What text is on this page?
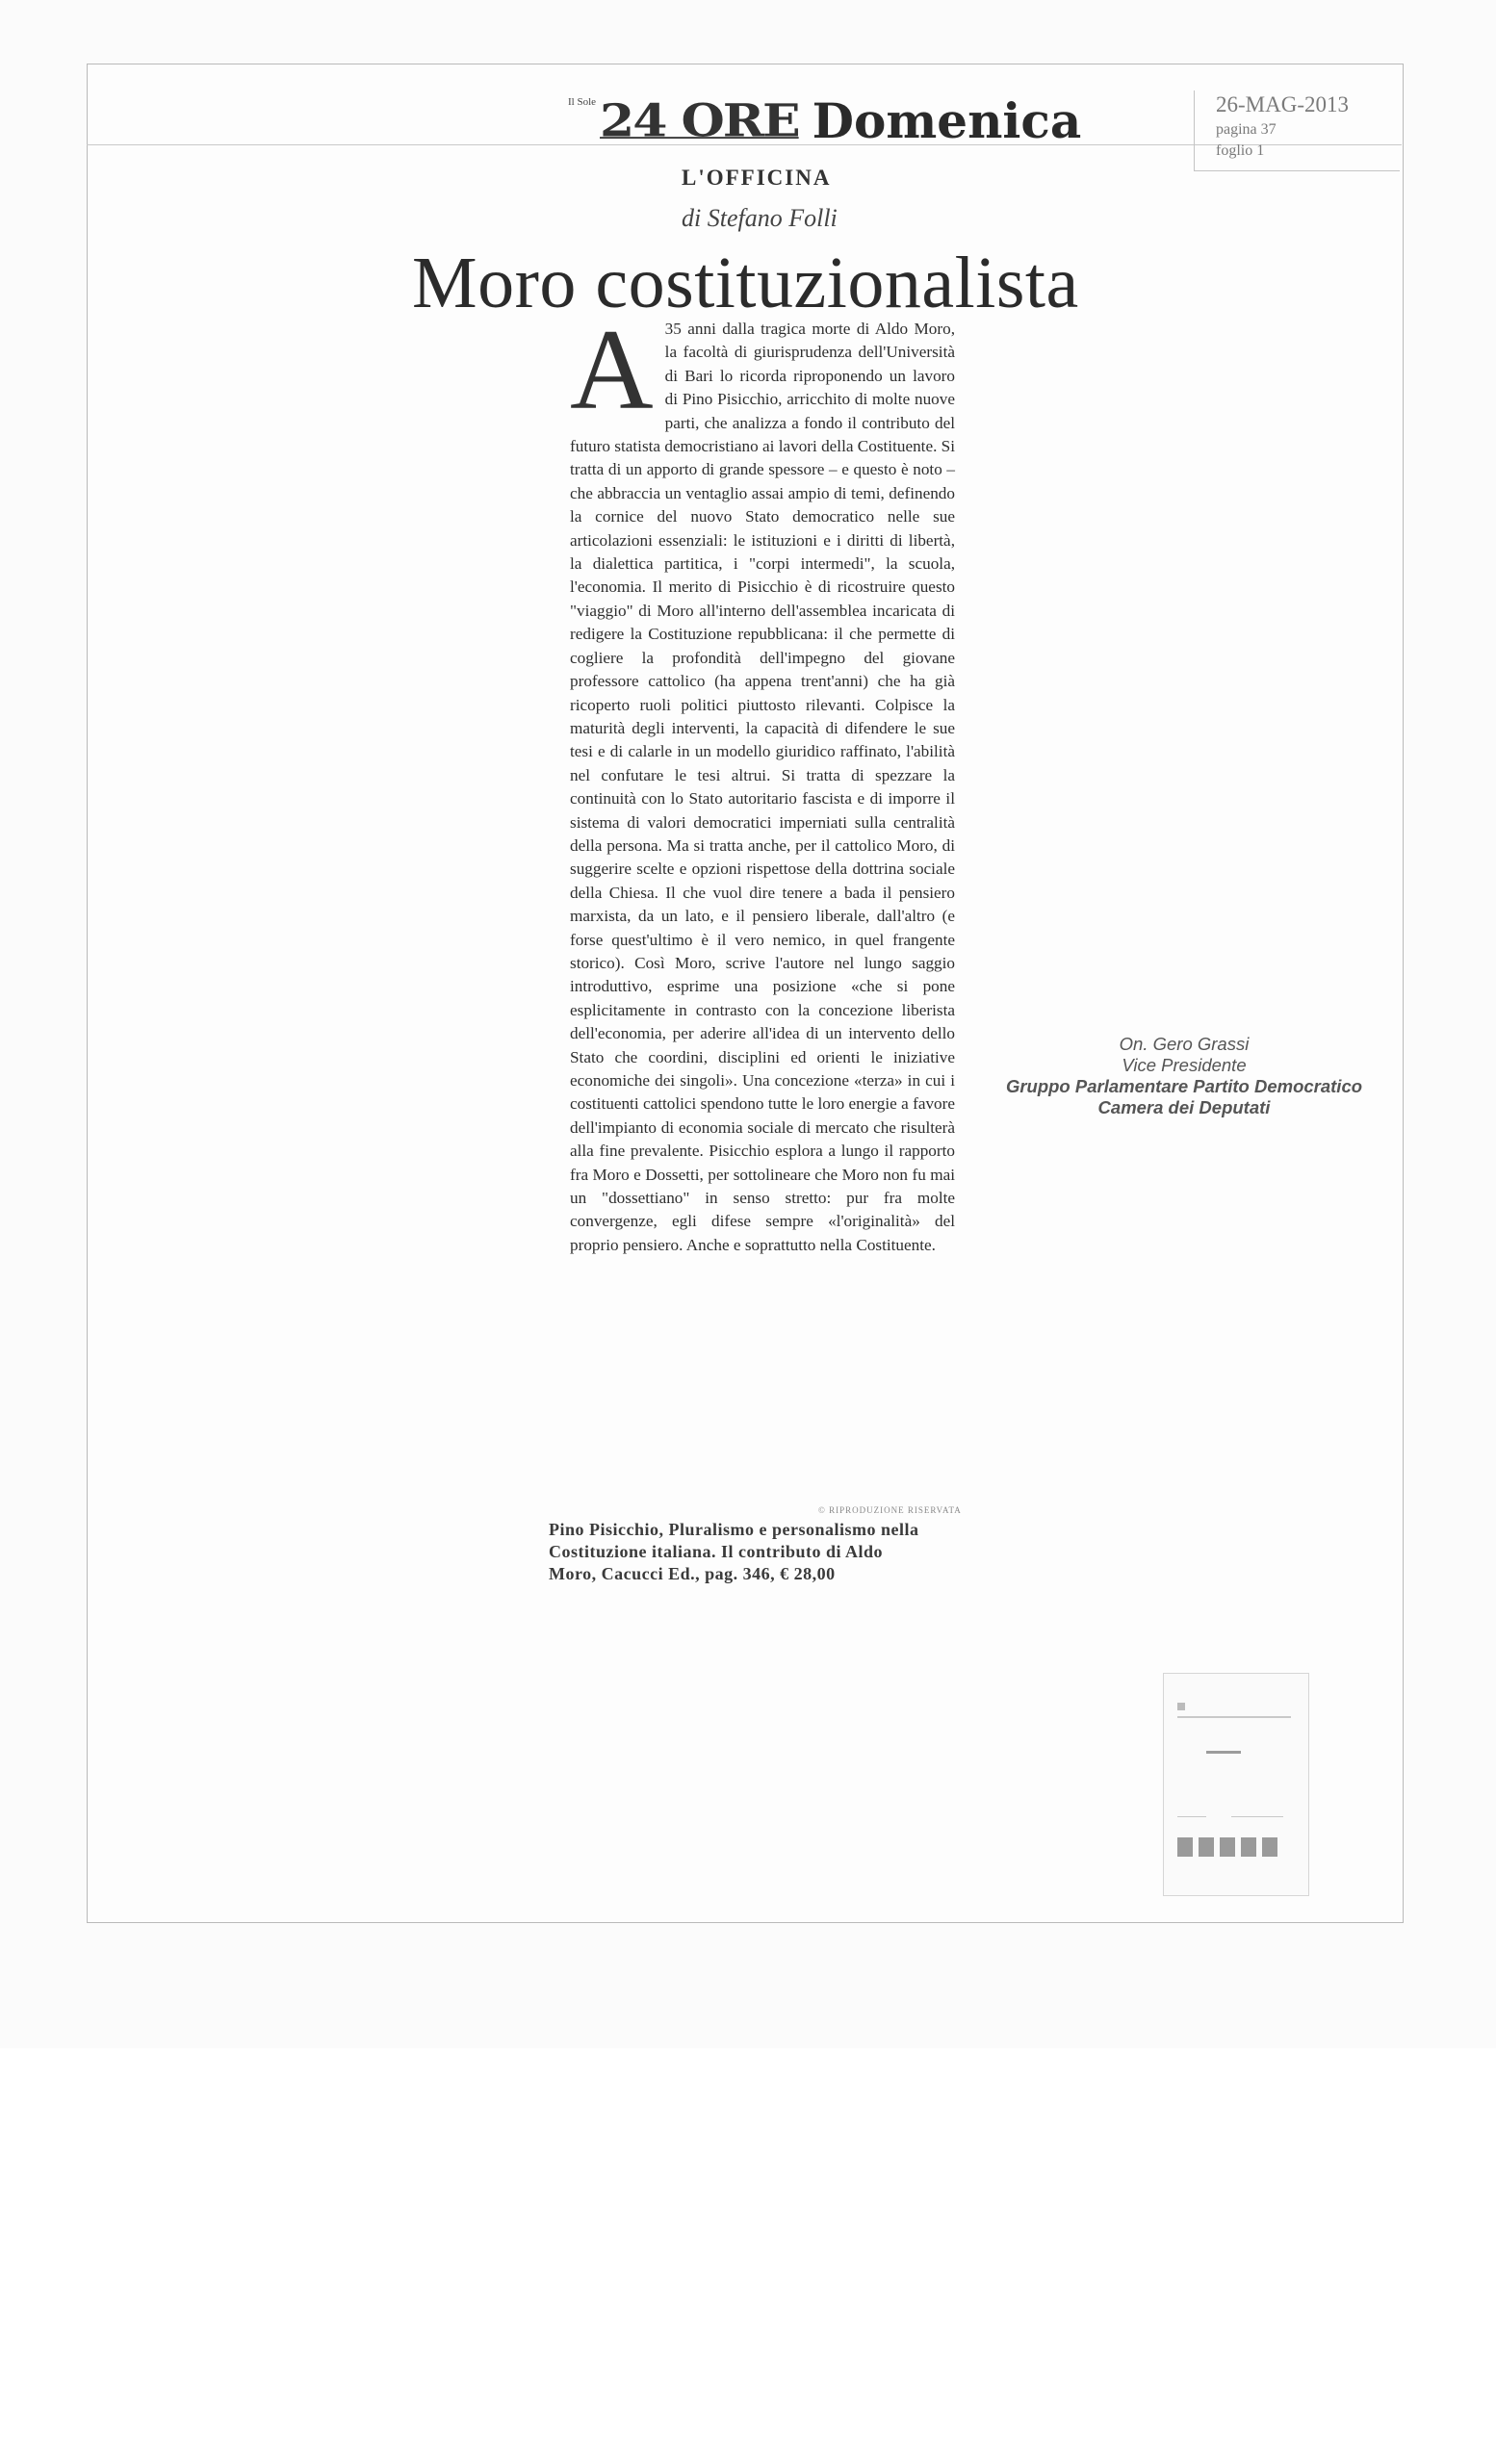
Il Sole 24 ORE Domenica	26-MAG-2013
pagina 37
foglio 1
L'OFFICINA
di Stefano Folli
Moro costituzionalista
A 35 anni dalla tragica morte di Aldo Moro, la facoltà di giurisprudenza dell'Università di Bari lo ricorda riproponendo un lavoro di Pino Pisicchio, arricchito di molte nuove parti, che analizza a fondo il contributo del futuro statista democristiano ai lavori della Costituente. Si tratta di un apporto di grande spessore – e questo è noto – che abbraccia un ventaglio assai ampio di temi, definendo la cornice del nuovo Stato democratico nelle sue articolazioni essenziali: le istituzioni e i diritti di libertà, la dialettica partitica, i "corpi intermedi", la scuola, l'economia. Il merito di Pisicchio è di ricostruire questo "viaggio" di Moro all'interno dell'assemblea incaricata di redigere la Costituzione repubblicana: il che permette di cogliere la profondità dell'impegno del giovane professore cattolico (ha appena trent'anni) che ha già ricoperto ruoli politici piuttosto rilevanti. Colpisce la maturità degli interventi, la capacità di difendere le sue tesi e di calarle in un modello giuridico raffinato, l'abilità nel confutare le tesi altrui. Si tratta di spezzare la continuità con lo Stato autoritario fascista e di imporre il sistema di valori democratici imperniati sulla centralità della persona. Ma si tratta anche, per il cattolico Moro, di suggerire scelte e opzioni rispettose della dottrina sociale della Chiesa. Il che vuol dire tenere a bada il pensiero marxista, da un lato, e il pensiero liberale, dall'altro (e forse quest'ultimo è il vero nemico, in quel frangente storico). Così Moro, scrive l'autore nel lungo saggio introduttivo, esprime una posizione «che si pone esplicitamente in contrasto con la concezione liberista dell'economia, per aderire all'idea di un intervento dello Stato che coordini, disciplini ed orienti le iniziative economiche dei singoli». Una concezione «terza» in cui i costituenti cattolici spendono tutte le loro energie a favore dell'impianto di economia sociale di mercato che risulterà alla fine prevalente. Pisicchio esplora a lungo il rapporto fra Moro e Dossetti, per sottolineare che Moro non fu mai un "dossettiano" in senso stretto: pur fra molte convergenze, egli difese sempre «l'originalità» del proprio pensiero. Anche e soprattutto nella Costituente.
© RIPRODUZIONE RISERVATA
Pino Pisicchio, Pluralismo e personalismo nella Costituzione italiana. Il contributo di Aldo Moro, Cacucci Ed., pag. 346, € 28,00
On. Gero Grassi
Vice Presidente
Gruppo Parlamentare Partito Democratico
Camera dei Deputati
